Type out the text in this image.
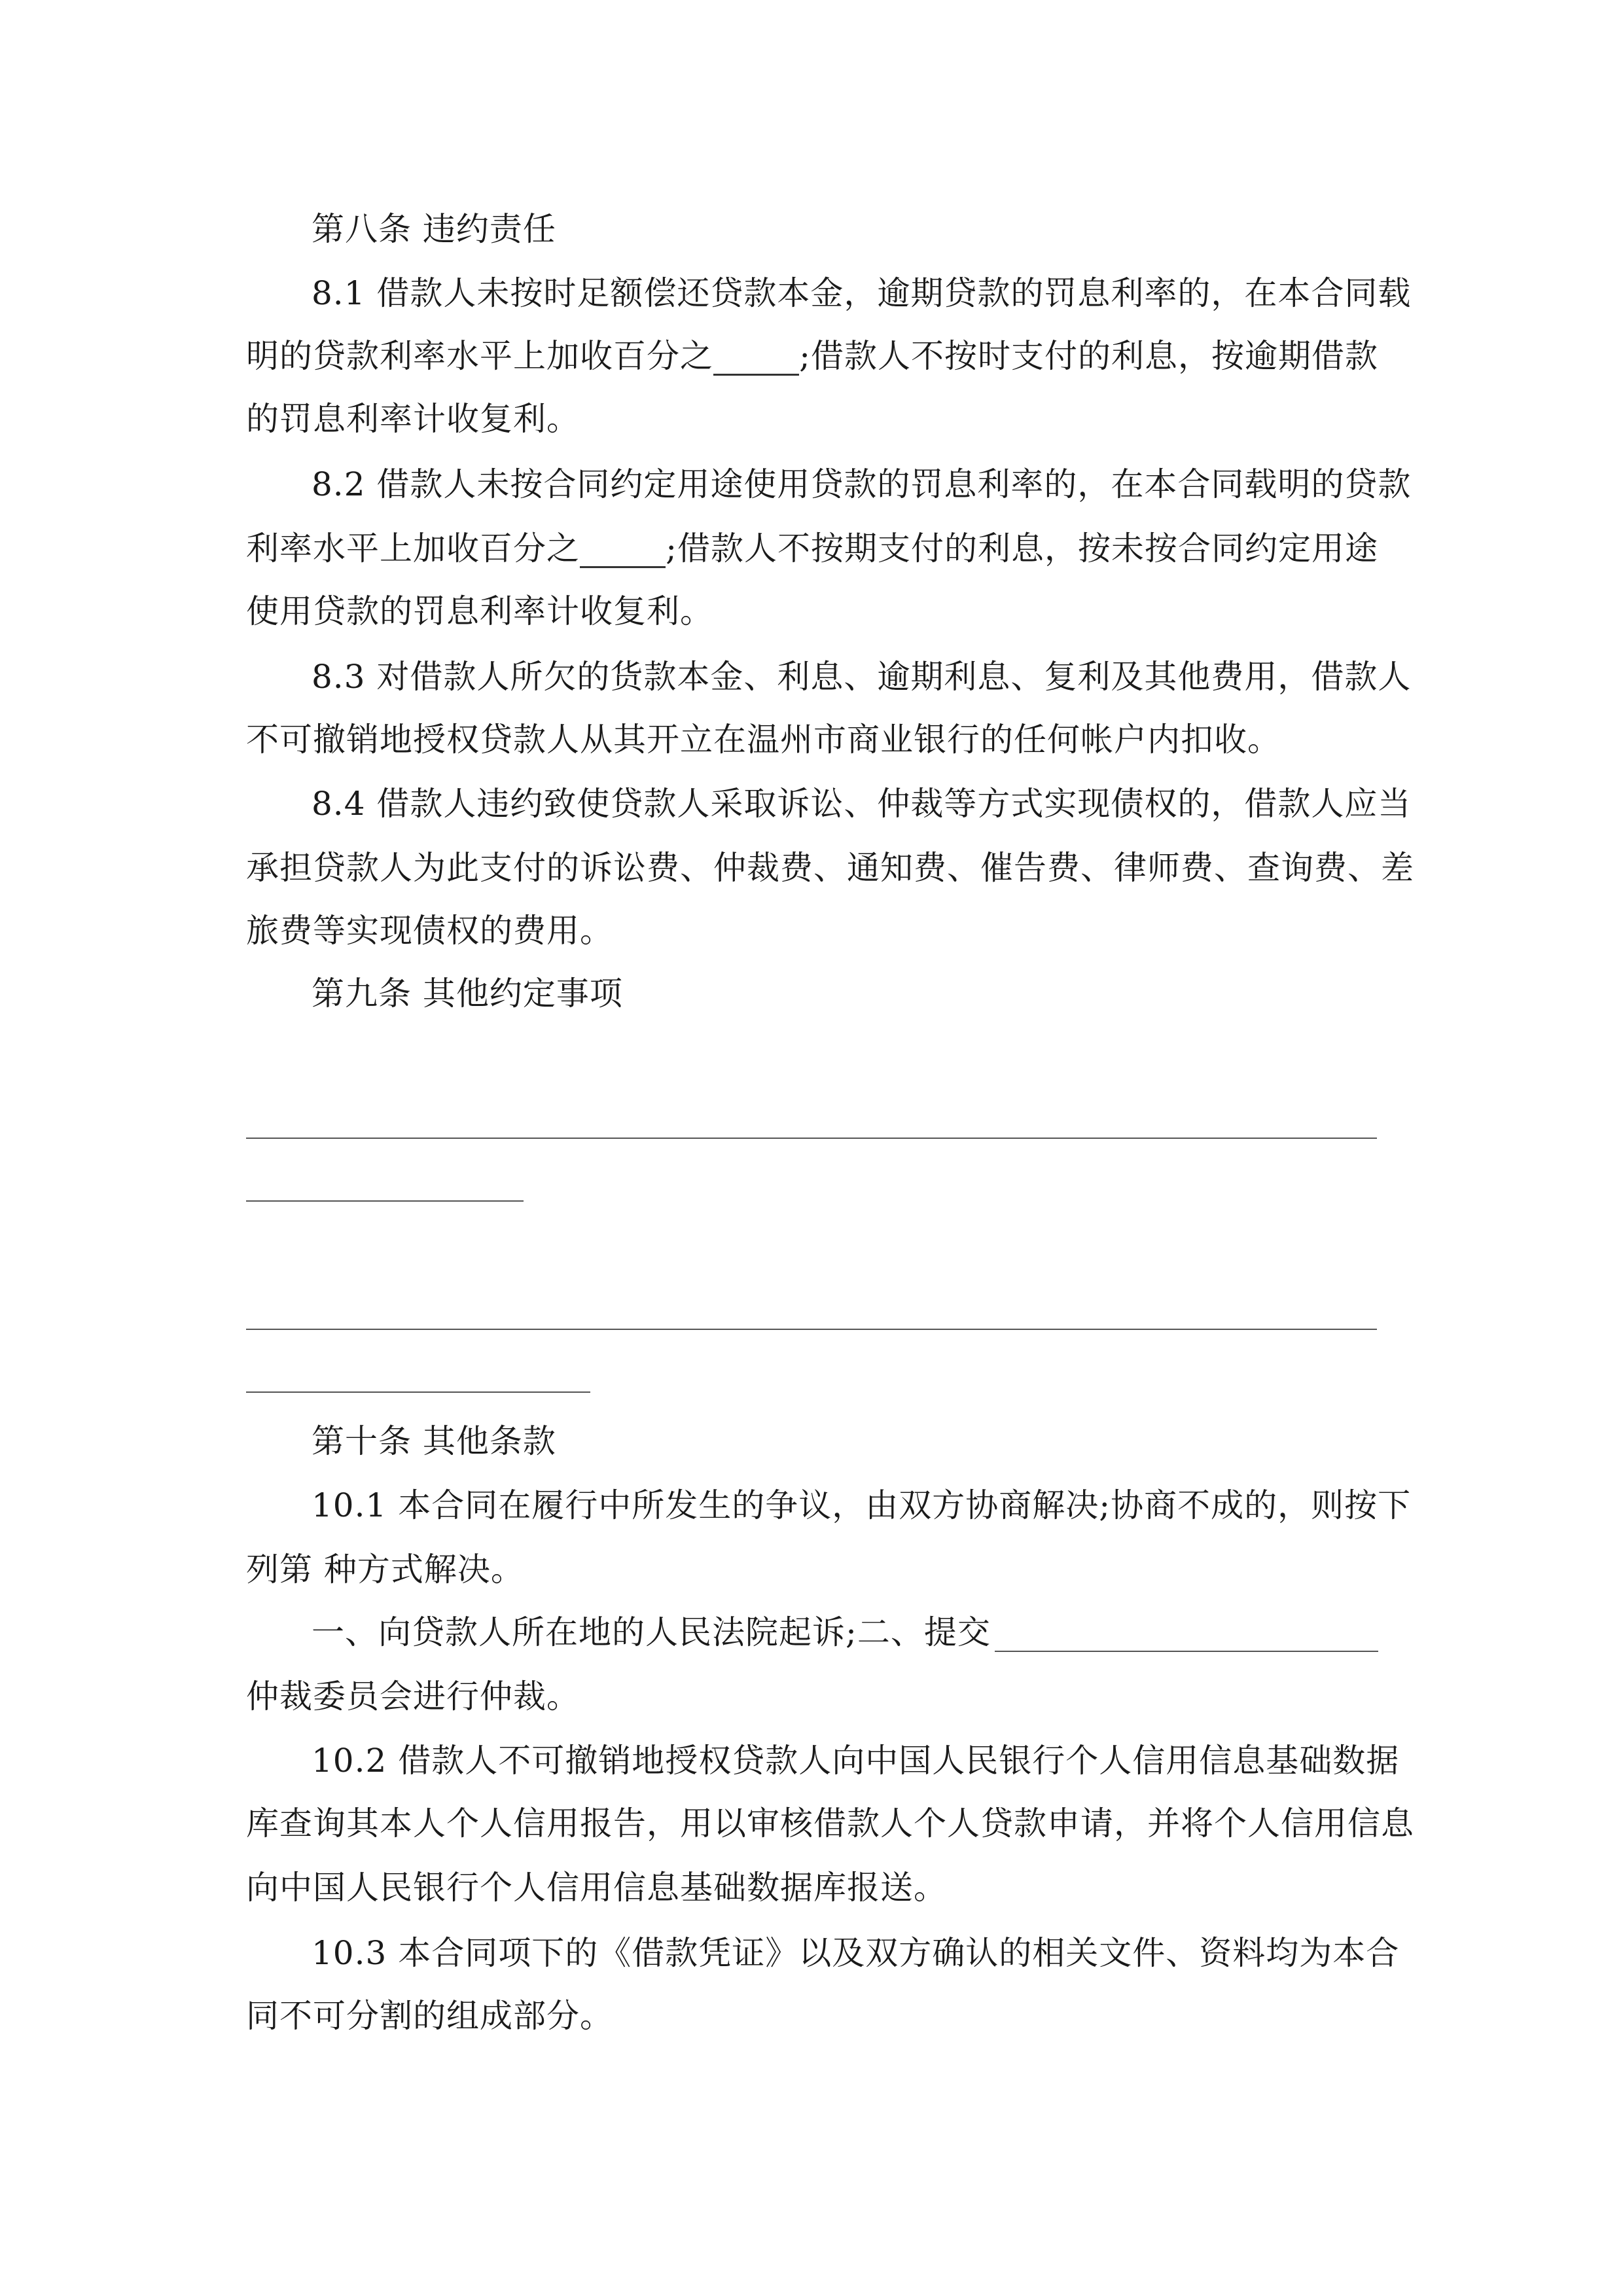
第八条 违约责任
8.1 借款人未按时足额偿还贷款本金，逾期贷款的罚息利率的，在本合同载
明的贷款利率水平上加收百分之	;借款人不按时支付的利息，按逾期借款
的罚息利率计收复利。
8.2 借款人未按合同约定用途使用贷款的罚息利率的，在本合同载明的贷款
利率水平上加收百分之	;借款人不按期支付的利息，按未按合同约定用途
使用贷款的罚息利率计收复利。
8.3 对借款人所欠的货款本金、利息、逾期利息、复利及其他费用，借款人
不可撤销地授权贷款人从其开立在温州市商业银行的任何帐户内扣收。
8.4 借款人违约致使贷款人采取诉讼、仲裁等方式实现债权的，借款人应当
承担贷款人为此支付的诉讼费、仲裁费、通知费、催告费、律师费、查询费、差
旅费等实现债权的费用。
第九条 其他约定事项
第十条 其他条款
10.1 本合同在履行中所发生的争议，由双方协商解决;协商不成的，则按下
列第 种方式解决。
一、向贷款人所在地的人民法院起诉;二、提交
仲裁委员会进行仲裁。
10.2 借款人不可撤销地授权贷款人向中国人民银行个人信用信息基础数据
库查询其本人个人信用报告，用以审核借款人个人贷款申请，并将个人信用信息
向中国人民银行个人信用信息基础数据库报送。
10.3 本合同项下的《借款凭证》以及双方确认的相关文件、资料均为本合
同不可分割的组成部分。
